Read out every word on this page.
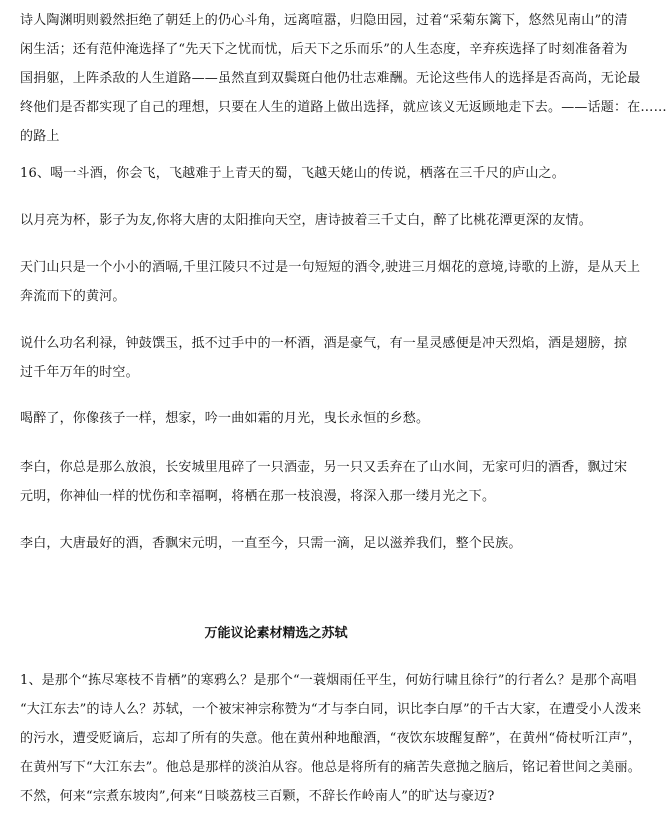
诗人陶渊明则毅然拒绝了朝廷上的仍心斗角，远离喧嚣，归隐田园，过着“采菊东篱下，悠然见南山”的清
闲生活；还有范仲淹选择了“先天下之忧而忧，后天下之乐而乐”的人生态度，辛弃疾选择了时刻准备着为
国捐躯，上阵杀敌的人生道路——虽然直到双鬓斑白他仍壮志难酬。无论这些伟人的选择是否高尚，无论最
终他们是否都实现了自己的理想，只要在人生的道路上做出选择，就应该义无返顾地走下去。——话题：在……
的路上
16、喝一斗酒，你会飞，飞越难于上青天的蜀，飞越天姥山的传说，栖落在三千尺的庐山之。
以月亮为杯，影子为友,你将大唐的太阳推向天空，唐诗披着三千丈白，醉了比桃花潭更深的友情。
天门山只是一个小小的酒嗝,千里江陵只不过是一句短短的酒令,驶进三月烟花的意境,诗歌的上游，是从天上
奔流而下的黄河。
说什么功名利禄，钟鼓馔玉，抵不过手中的一杯酒，酒是豪气，有一星灵感便是冲天烈焰，酒是翅膀，掠
过千年万年的时空。
喝醉了，你像孩子一样，想家，吟一曲如霜的月光，曳长永恒的乡愁。
李白，你总是那么放浪，长安城里甩碎了一只酒壶，另一只又丢弃在了山水间，无家可归的酒香，飘过宋
元明，你神仙一样的忧伤和幸福啊，将栖在那一枝浪漫，将深入那一缕月光之下。
李白，大唐最好的酒，香飘宋元明，一直至今，只需一滴，足以滋养我们，整个民族。
万能议论素材精选之苏轼
1、是那个“拣尽寒枝不肯栖”的寒鸦么？是那个“一蓑烟雨任平生，何妨行啸且徐行”的行者么？是那个高唱
“大江东去”的诗人么？苏轼，一个被宋神宗称赞为“才与李白同，识比李白厚”的千古大家，在遭受小人泼来
的污水，遭受贬谪后，忘却了所有的失意。他在黄州种地酿酒，“夜饮东坡醒复醉”，在黄州“倚杖听江声”，
在黄州写下“大江东去”。他总是那样的淡泊从容。他总是将所有的痛苦失意抛之脑后，铭记着世间之美丽。
不然，何来“宗煮东坡肉”,何来“日啖荔枝三百颗，不辞长作岭南人”的旷达与豪迈?
